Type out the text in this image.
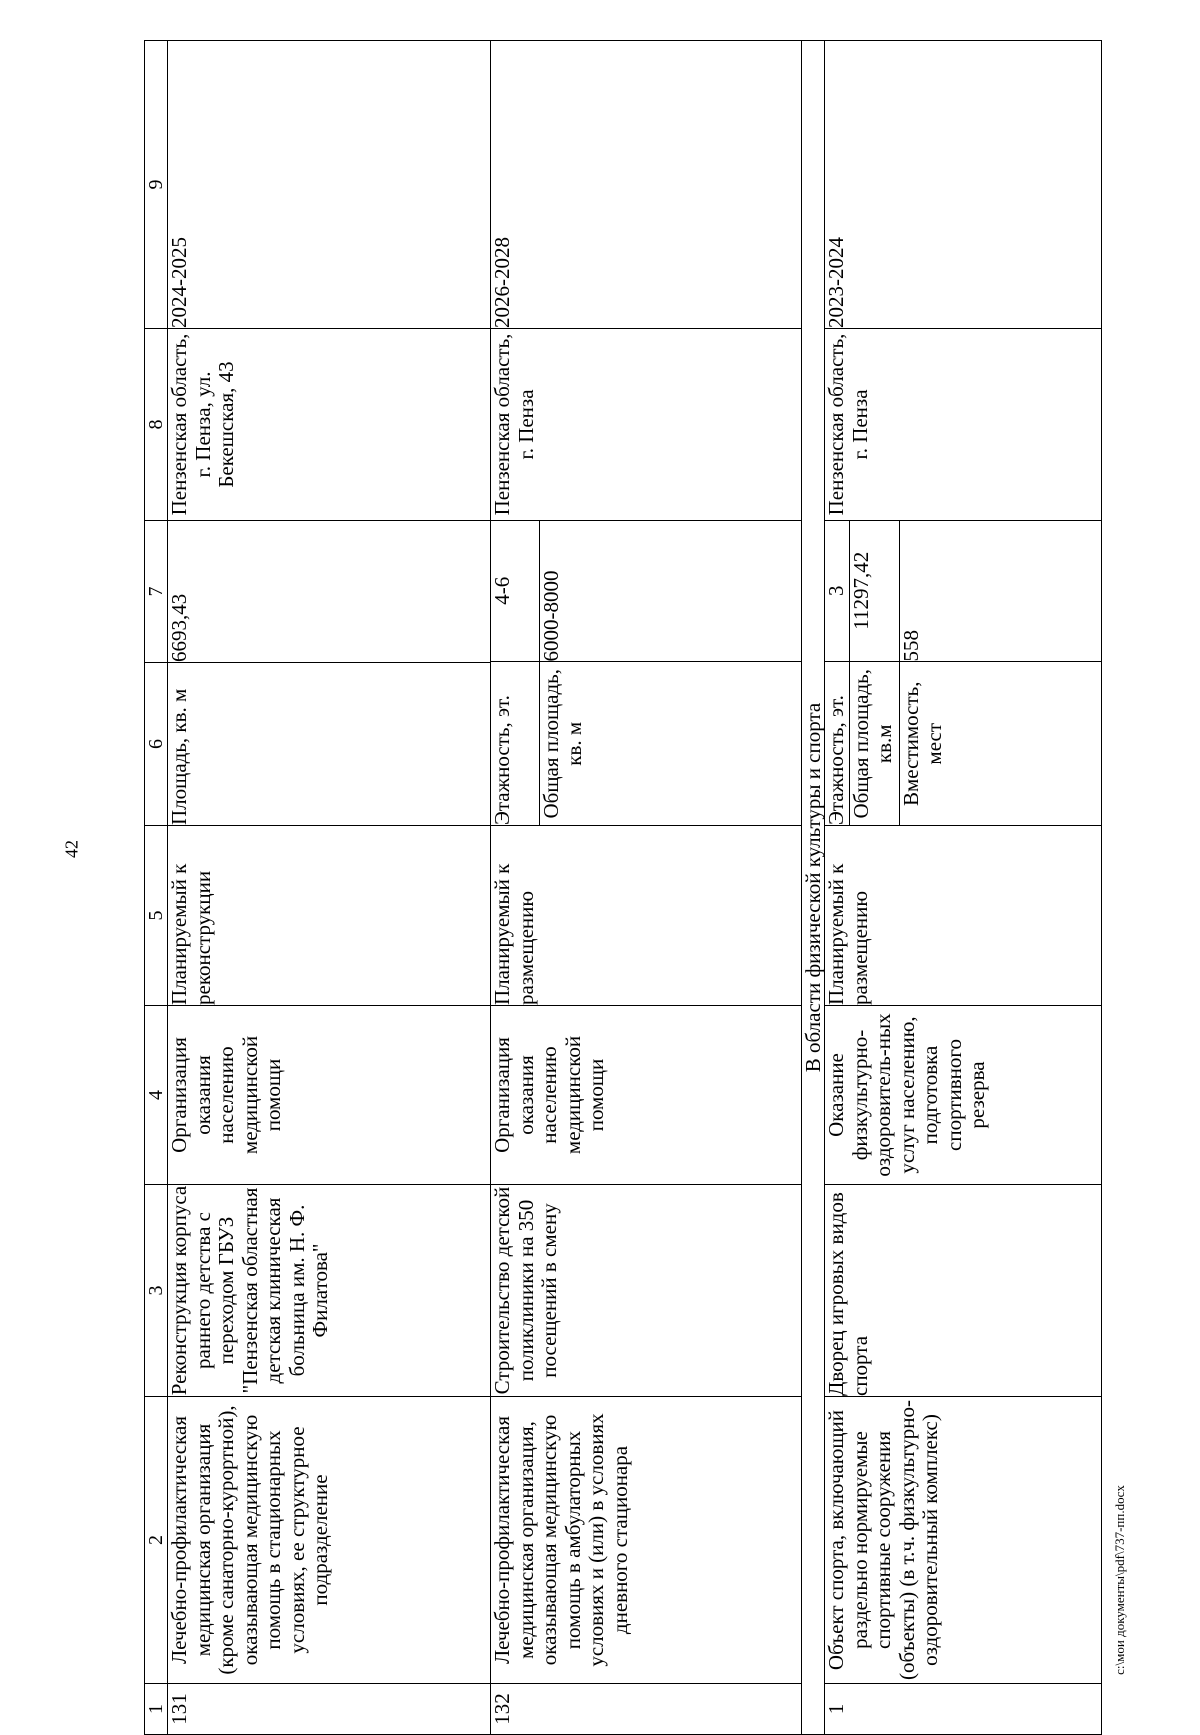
42
1	2	3	4	5	6	7	8	9
131	Лечебно-профилактическая медицинская организация (кроме санаторно-курортной), оказывающая медицинскую помощь в стационарных условиях, ее структурное подразделение	Реконструкция корпуса раннего детства с переходом ГБУЗ "Пензенская областная детская клиническая больница им. Н. Ф. Филатова"	Организация оказания населению медицинской помощи	Планируемый к реконструкции	Площадь, кв. м	6693,43	Пензенская область, г. Пенза, ул. Бекешская, 43	2024-2025
132	Лечебно-профилактическая медицинская организация, оказывающая медицинскую помощь в амбулаторных условиях и (или) в условиях дневного стационара	Строительство детской поликлиники на 350 посещений в смену	Организация оказания населению медицинской помощи	Планируемый к размещению	
Этажность, эт.	4-6
Общая площадь, кв. м	6000-8000
	Пензенская область, г. Пенза	2026-2028
В области физической культуры и спорта
1	Объект спорта, включающий раздельно нормируемые спортивные сооружения (объекты) (в т.ч. физкультурно-оздоровительный комплекс)	Дворец игровых видов спорта	Оказание физкультурно-оздоровитель-ных услуг населению, подготовка спортивного резерва	Планируемый к размещению	
Этажность, эт.	3
Общая площадь, кв.м	11297,42
Вместимость, мест	558
	Пензенская область, г. Пенза	2023-2024
c:\мои документы\pdf\737-пп.docx
